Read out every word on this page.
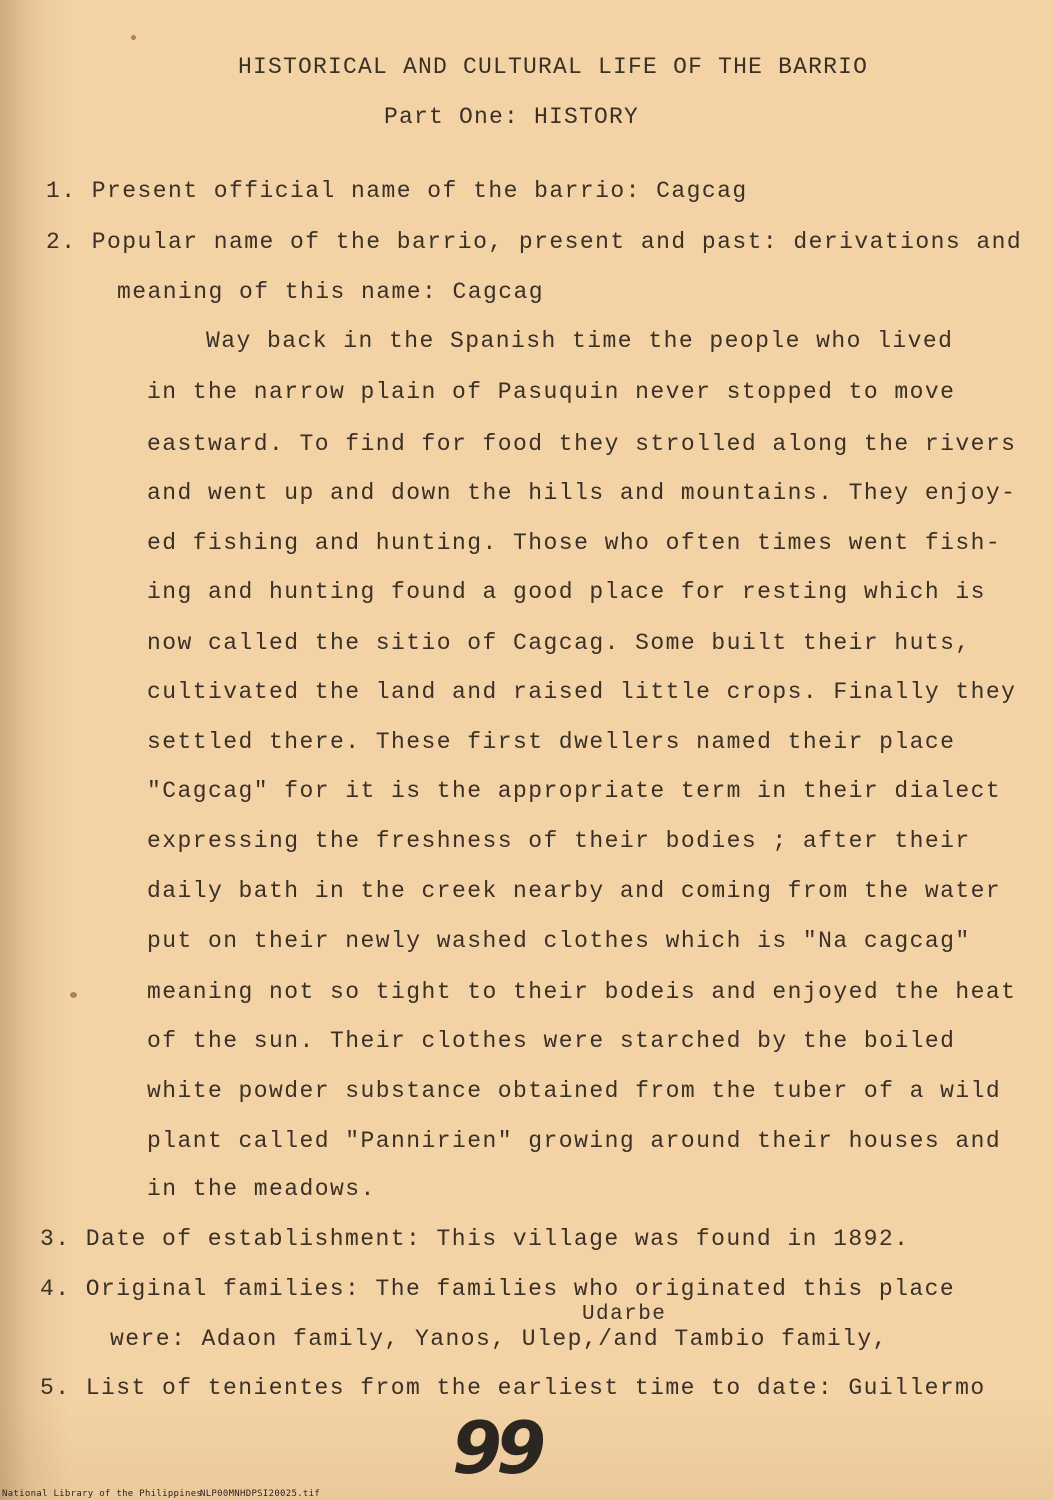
HISTORICAL AND CULTURAL LIFE OF THE BARRIO
Part One: HISTORY
1. Present official name of the barrio: Cagcag
2. Popular name of the barrio, present and past: derivations and
meaning of this name: Cagcag
Way back in the Spanish time the people who lived
in the narrow plain of Pasuquin never stopped to move
eastward. To find for food they strolled along the rivers
and went up and down the hills and mountains. They enjoy-
ed fishing and hunting. Those who often times went fish-
ing and hunting found a good place for resting which is
now called the sitio of Cagcag. Some built their huts,
cultivated the land and raised little crops. Finally they
settled there. These first dwellers named their place
"Cagcag" for it is the appropriate term in their dialect
expressing the freshness of their bodies ; after their
daily bath in the creek nearby and coming from the water
put on their newly washed clothes which is "Na cagcag"
meaning not so tight to their bodeis and enjoyed the heat
of the sun. Their clothes were starched by the boiled
white powder substance obtained from the tuber of a wild
plant called "Pannirien" growing around their houses and
in the meadows.
3. Date of establishment: This village was found in 1892.
4. Original families: The families who originated this place
Udarbe
were: Adaon family, Yanos, Ulep,/and Tambio family,
5. List of tenientes from the earliest time to date: Guillermo
99
National Library of the Philippines
NLP00MNHDPSI20025.tif
